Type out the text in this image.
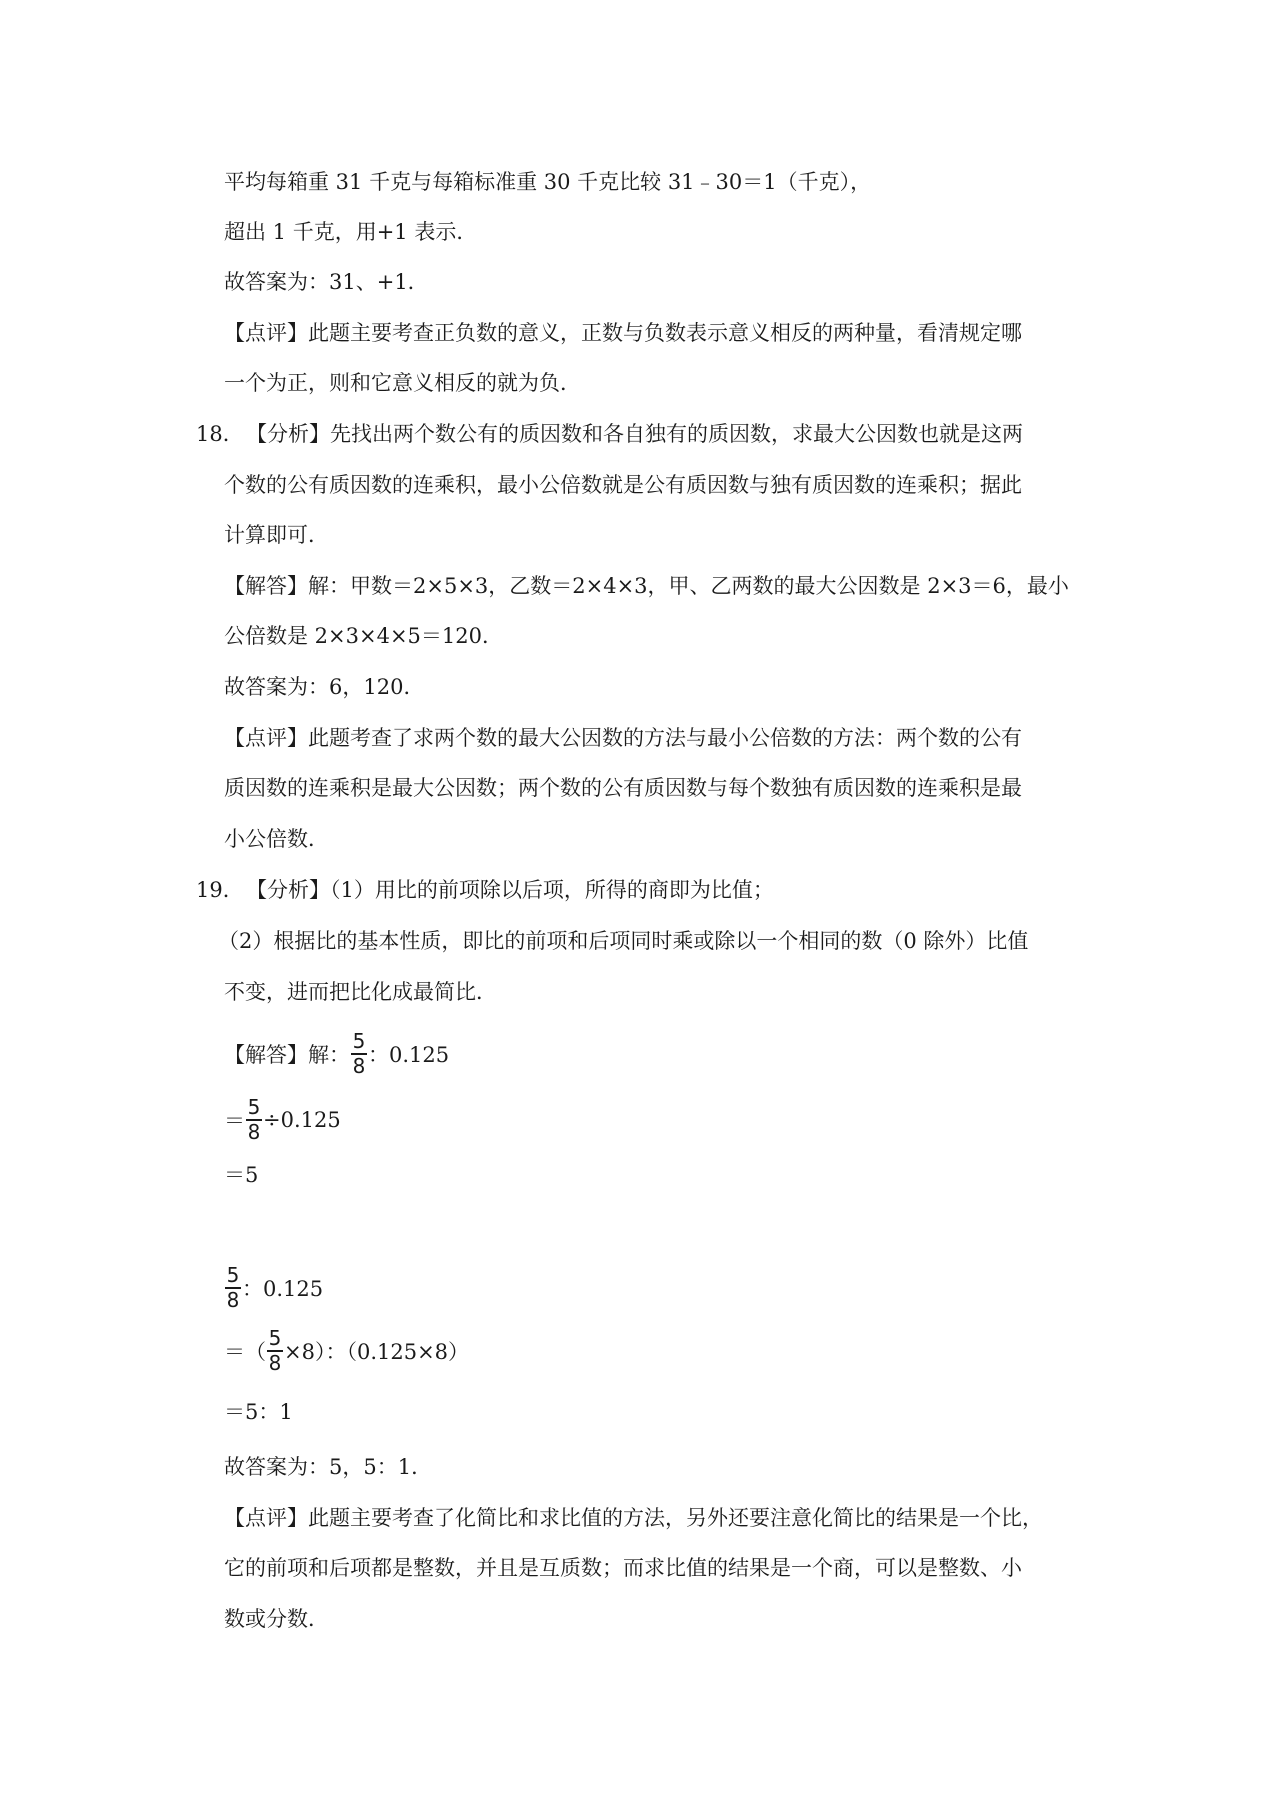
平均每箱重 31 千克与每箱标准重 30 千克比较 31﹣30＝1（千克），
超出 1 千克，用+1 表示．
故答案为：31、+1．
【点评】此题主要考查正负数的意义，正数与负数表示意义相反的两种量，看清规定哪
一个为正，则和它意义相反的就为负．
18． 【分析】先找出两个数公有的质因数和各自独有的质因数，求最大公因数也就是这两
个数的公有质因数的连乘积，最小公倍数就是公有质因数与独有质因数的连乘积；据此
计算即可．
【解答】解：甲数＝2×5×3，乙数＝2×4×3，甲、乙两数的最大公因数是 2×3＝6，最小
公倍数是 2×3×4×5＝120．
故答案为：6，120．
【点评】此题考查了求两个数的最大公因数的方法与最小公倍数的方法：两个数的公有
质因数的连乘积是最大公因数；两个数的公有质因数与每个数独有质因数的连乘积是最
小公倍数．
19． 【分析】（1）用比的前项除以后项，所得的商即为比值；
（2）根据比的基本性质，即比的前项和后项同时乘或除以一个相同的数（0 除外）比值
不变，进而把比化成最简比．
【解答】解： $\frac{5}{8}$ ：0.125
＝ $\frac{5}{8} \div 0.125$
＝5
$\frac{5}{8}$ ：0.125
＝（ $\frac{5}{8} \times 8$）：（0.125×8）
＝5：1
故答案为：5，5：1．
【点评】此题主要考查了化简比和求比值的方法，另外还要注意化简比的结果是一个比，
它的前项和后项都是整数，并且是互质数；而求比值的结果是一个商，可以是整数、小
数或分数．
